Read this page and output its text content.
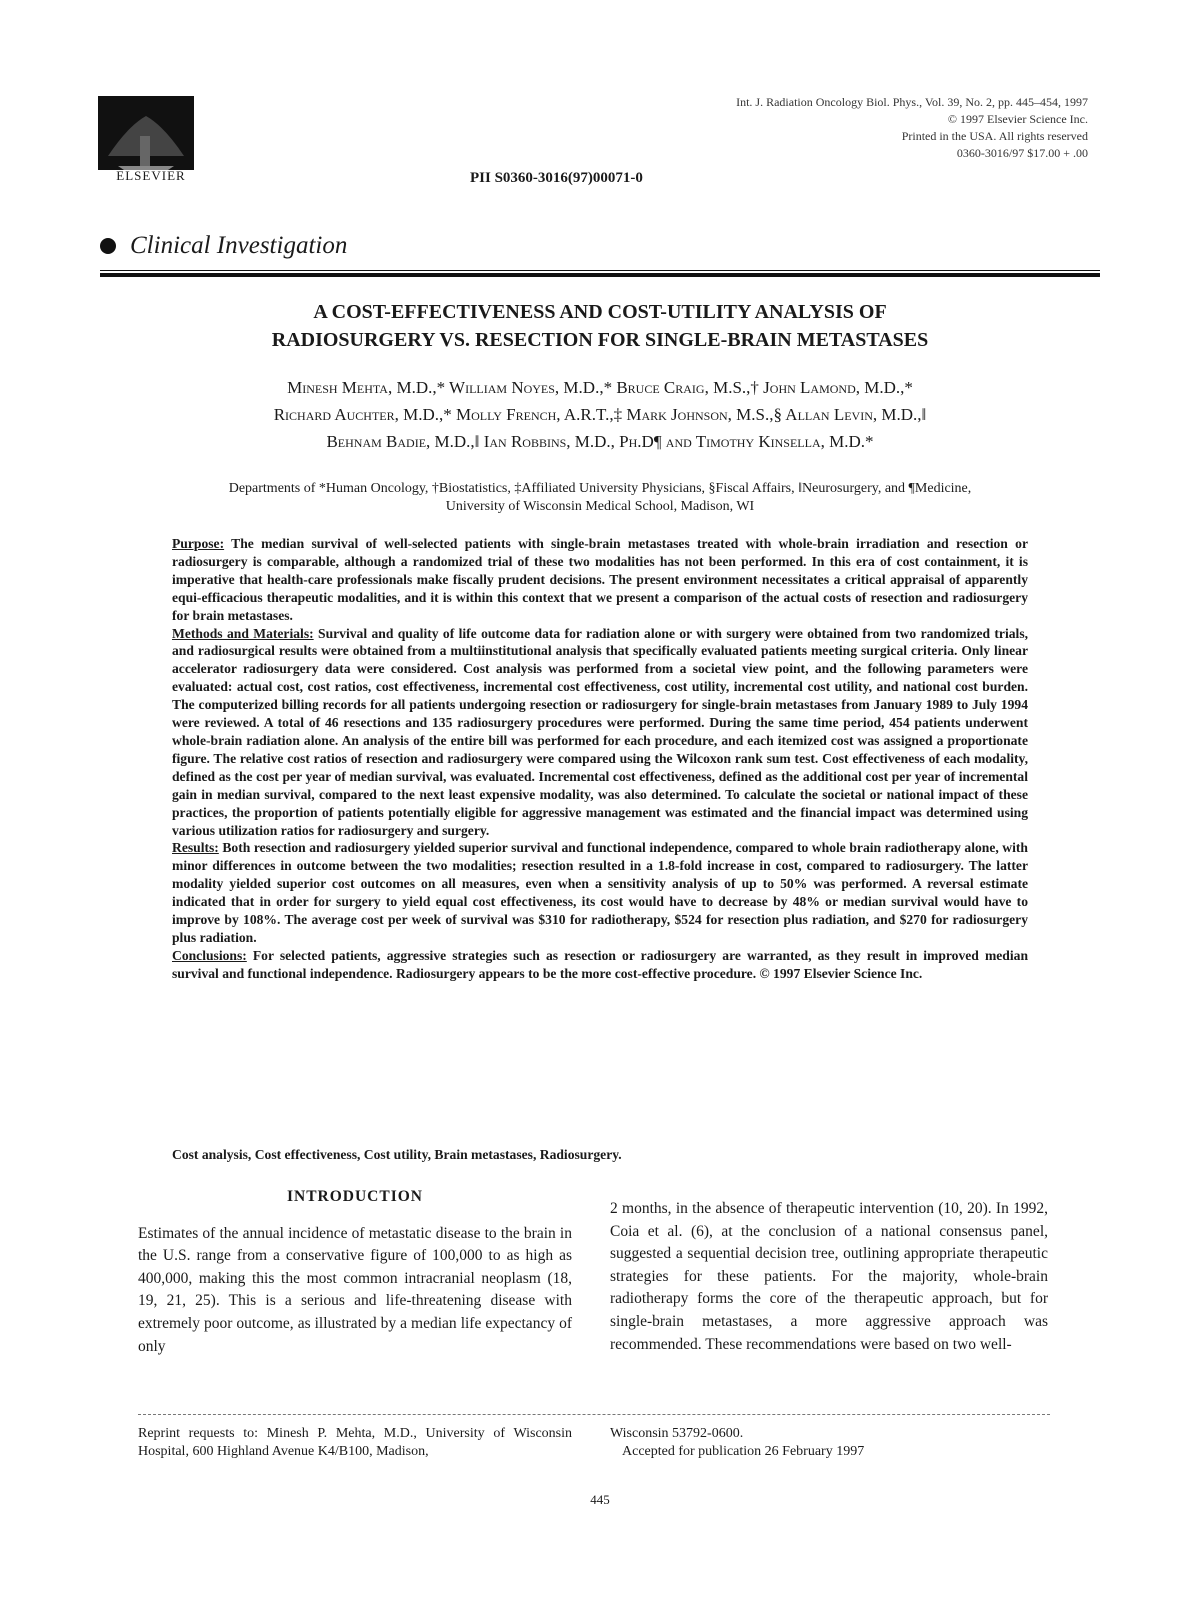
ELSEVIER
Int. J. Radiation Oncology Biol. Phys., Vol. 39, No. 2, pp. 445–454, 1997
© 1997 Elsevier Science Inc.
Printed in the USA. All rights reserved
0360-3016/97 $17.00 + .00
PII S0360-3016(97)00071-0
Clinical Investigation
A COST-EFFECTIVENESS AND COST-UTILITY ANALYSIS OF
RADIOSURGERY VS. RESECTION FOR SINGLE-BRAIN METASTASES
Minesh Mehta, M.D.,* William Noyes, M.D.,* Bruce Craig, M.S.,† John Lamond, M.D.,*
Richard Auchter, M.D.,* Molly French, A.R.T.,‡ Mark Johnson, M.S.,§ Allan Levin, M.D.,‖
Behnam Badie, M.D.,‖ Ian Robbins, M.D., Ph.D¶ and Timothy Kinsella, M.D.*
Departments of *Human Oncology, †Biostatistics, ‡Affiliated University Physicians, §Fiscal Affairs, ‖Neurosurgery, and ¶Medicine,
University of Wisconsin Medical School, Madison, WI

Purpose: The median survival of well-selected patients with single-brain metastases treated with whole-brain irradiation and resection or radiosurgery is comparable, although a randomized trial of these two modalities has not been performed. In this era of cost containment, it is imperative that health-care professionals make fiscally prudent decisions. The present environment necessitates a critical appraisal of apparently equi-efficacious therapeutic modalities, and it is within this context that we present a comparison of the actual costs of resection and radiosurgery for brain metastases.

Methods and Materials: Survival and quality of life outcome data for radiation alone or with surgery were obtained from two randomized trials, and radiosurgical results were obtained from a multiinstitutional analysis that specifically evaluated patients meeting surgical criteria. Only linear accelerator radiosurgery data were considered. Cost analysis was performed from a societal view point, and the following parameters were evaluated: actual cost, cost ratios, cost effectiveness, incremental cost effectiveness, cost utility, incremental cost utility, and national cost burden. The computerized billing records for all patients undergoing resection or radiosurgery for single-brain metastases from January 1989 to July 1994 were reviewed. A total of 46 resections and 135 radiosurgery procedures were performed. During the same time period, 454 patients underwent whole-brain radiation alone. An analysis of the entire bill was performed for each procedure, and each itemized cost was assigned a proportionate figure. The relative cost ratios of resection and radiosurgery were compared using the Wilcoxon rank sum test. Cost effectiveness of each modality, defined as the cost per year of median survival, was evaluated. Incremental cost effectiveness, defined as the additional cost per year of incremental gain in median survival, compared to the next least expensive modality, was also determined. To calculate the societal or national impact of these practices, the proportion of patients potentially eligible for aggressive management was estimated and the financial impact was determined using various utilization ratios for radiosurgery and surgery.

Results: Both resection and radiosurgery yielded superior survival and functional independence, compared to whole brain radiotherapy alone, with minor differences in outcome between the two modalities; resection resulted in a 1.8-fold increase in cost, compared to radiosurgery. The latter modality yielded superior cost outcomes on all measures, even when a sensitivity analysis of up to 50% was performed. A reversal estimate indicated that in order for surgery to yield equal cost effectiveness, its cost would have to decrease by 48% or median survival would have to improve by 108%. The average cost per week of survival was $310 for radiotherapy, $524 for resection plus radiation, and $270 for radiosurgery plus radiation.

Conclusions: For selected patients, aggressive strategies such as resection or radiosurgery are warranted, as they result in improved median survival and functional independence. Radiosurgery appears to be the more cost-effective procedure. © 1997 Elsevier Science Inc.

Cost analysis, Cost effectiveness, Cost utility, Brain metastases, Radiosurgery.
INTRODUCTION

Estimates of the annual incidence of metastatic disease to the brain in the U.S. range from a conservative figure of 100,000 to as high as 400,000, making this the most common intracranial neoplasm (18, 19, 21, 25). This is a serious and life-threatening disease with extremely poor outcome, as illustrated by a median life expectancy of only

2 months, in the absence of therapeutic intervention (10, 20). In 1992, Coia et al. (6), at the conclusion of a national consensus panel, suggested a sequential decision tree, outlining appropriate therapeutic strategies for these patients. For the majority, whole-brain radiotherapy forms the core of the therapeutic approach, but for single-brain metastases, a more aggressive approach was recommended. These recommendations were based on two well-

Reprint requests to: Minesh P. Mehta, M.D., University of Wisconsin Hospital, 600 Highland Avenue K4/B100, Madison,
Wisconsin 53792-0600.
Accepted for publication 26 February 1997
445
